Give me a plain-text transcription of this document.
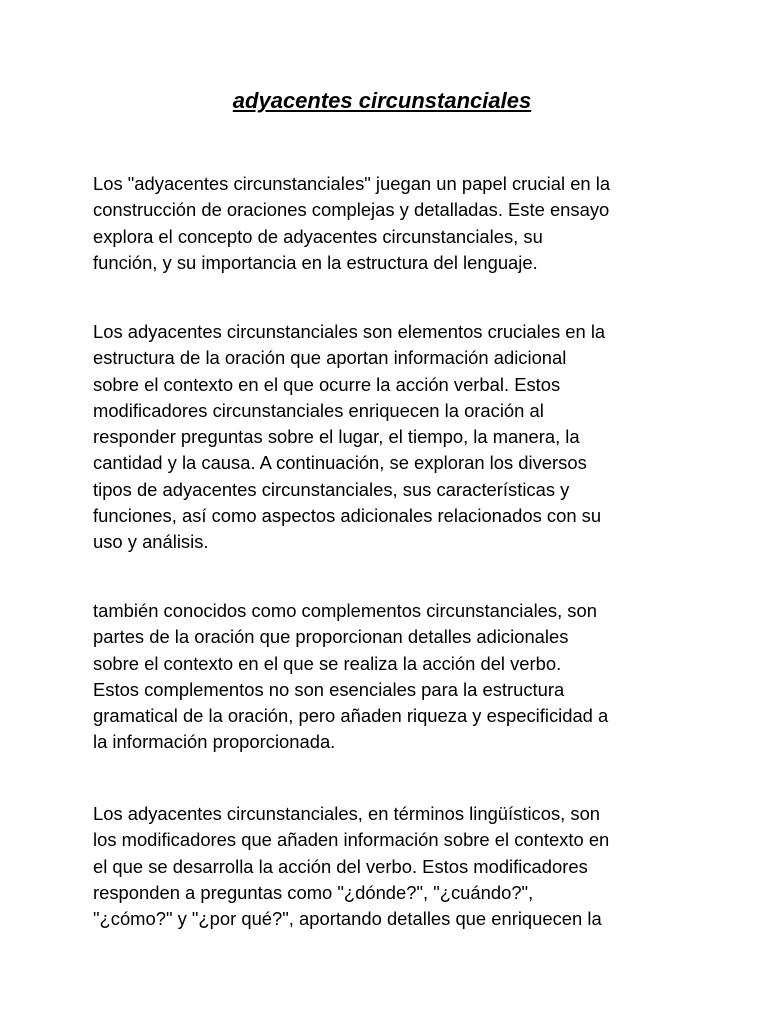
adyacentes circunstanciales

Los "adyacentes circunstanciales" juegan un papel crucial en la
construcción de oraciones complejas y detalladas. Este ensayo
explora el concepto de adyacentes circunstanciales, su
función, y su importancia en la estructura del lenguaje.

Los adyacentes circunstanciales son elementos cruciales en la
estructura de la oración que aportan información adicional
sobre el contexto en el que ocurre la acción verbal. Estos
modificadores circunstanciales enriquecen la oración al
responder preguntas sobre el lugar, el tiempo, la manera, la
cantidad y la causa. A continuación, se exploran los diversos
tipos de adyacentes circunstanciales, sus características y
funciones, así como aspectos adicionales relacionados con su
uso y análisis.

también conocidos como complementos circunstanciales, son
partes de la oración que proporcionan detalles adicionales
sobre el contexto en el que se realiza la acción del verbo.
Estos complementos no son esenciales para la estructura
gramatical de la oración, pero añaden riqueza y especificidad a
la información proporcionada.

Los adyacentes circunstanciales, en términos lingüísticos, son
los modificadores que añaden información sobre el contexto en
el que se desarrolla la acción del verbo. Estos modificadores
responden a preguntas como "¿dónde?", "¿cuándo?",
"¿cómo?" y "¿por qué?", aportando detalles que enriquecen la
